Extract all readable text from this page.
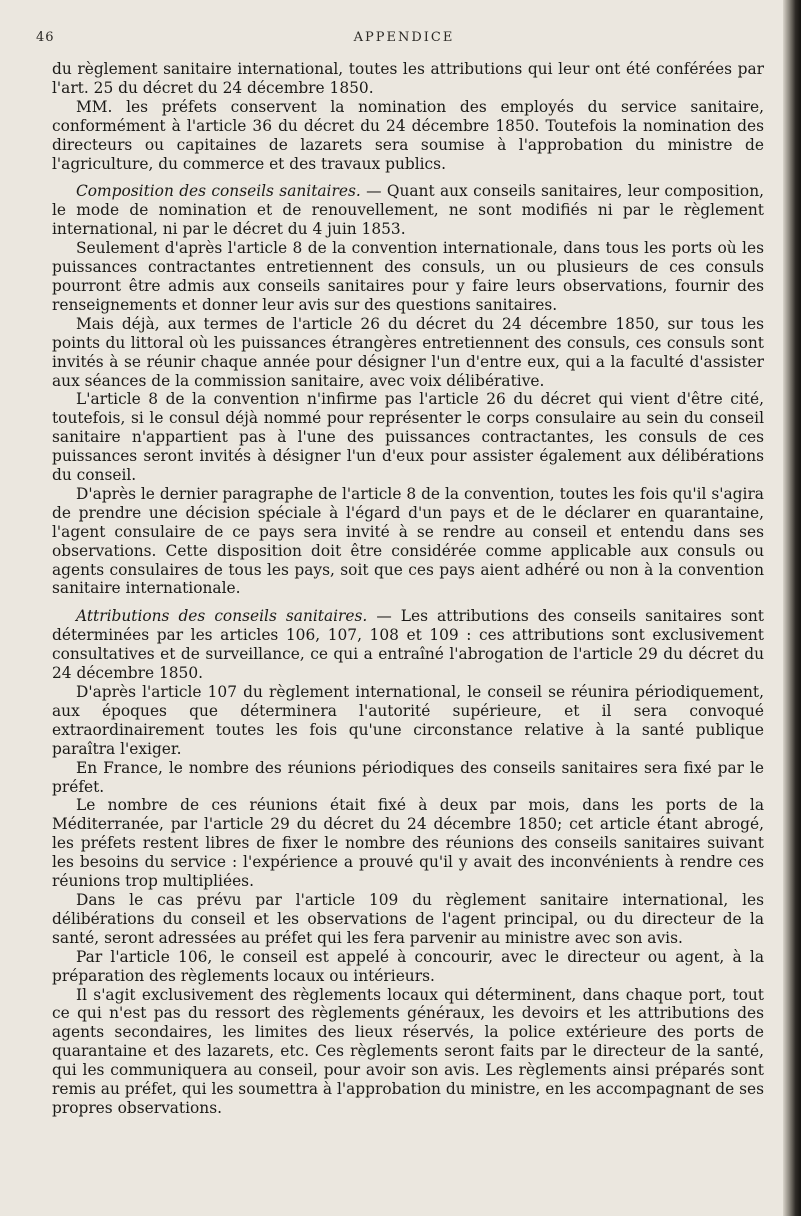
46	APPENDICE

du règlement sanitaire international, toutes les attributions qui leur ont été conférées par l'art. 25 du décret du 24 décembre 1850.

MM. les préfets conservent la nomination des employés du service sanitaire, conformément à l'article 36 du décret du 24 décembre 1850. Toutefois la nomination des directeurs ou capitaines de lazarets sera soumise à l'approbation du ministre de l'agriculture, du commerce et des travaux publics.

Composition des conseils sanitaires. — Quant aux conseils sanitaires, leur composition, le mode de nomination et de renouvellement, ne sont modifiés ni par le règlement international, ni par le décret du 4 juin 1853.

Seulement d'après l'article 8 de la convention internationale, dans tous les ports où les puissances contractantes entretiennent des consuls, un ou plusieurs de ces consuls pourront être admis aux conseils sanitaires pour y faire leurs observations, fournir des renseignements et donner leur avis sur des questions sanitaires.

Mais déjà, aux termes de l'article 26 du décret du 24 décembre 1850, sur tous les points du littoral où les puissances étrangères entretiennent des consuls, ces consuls sont invités à se réunir chaque année pour désigner l'un d'entre eux, qui a la faculté d'assister aux séances de la commission sanitaire, avec voix délibérative.

L'article 8 de la convention n'infirme pas l'article 26 du décret qui vient d'être cité, toutefois, si le consul déjà nommé pour représenter le corps consulaire au sein du conseil sanitaire n'appartient pas à l'une des puissances contractantes, les consuls de ces puissances seront invités à désigner l'un d'eux pour assister également aux délibérations du conseil.

D'après le dernier paragraphe de l'article 8 de la convention, toutes les fois qu'il s'agira de prendre une décision spéciale à l'égard d'un pays et de le déclarer en quarantaine, l'agent consulaire de ce pays sera invité à se rendre au conseil et entendu dans ses observations. Cette disposition doit être considérée comme applicable aux consuls ou agents consulaires de tous les pays, soit que ces pays aient adhéré ou non à la convention sanitaire internationale.

Attributions des conseils sanitaires. — Les attributions des conseils sanitaires sont déterminées par les articles 106, 107, 108 et 109 : ces attributions sont exclusivement consultatives et de surveillance, ce qui a entraîné l'abrogation de l'article 29 du décret du 24 décembre 1850.

D'après l'article 107 du règlement international, le conseil se réunira périodiquement, aux époques que déterminera l'autorité supérieure, et il sera convoqué extraordinairement toutes les fois qu'une circonstance relative à la santé publique paraîtra l'exiger.

En France, le nombre des réunions périodiques des conseils sanitaires sera fixé par le préfet.

Le nombre de ces réunions était fixé à deux par mois, dans les ports de la Méditerranée, par l'article 29 du décret du 24 décembre 1850; cet article étant abrogé, les préfets restent libres de fixer le nombre des réunions des conseils sanitaires suivant les besoins du service : l'expérience a prouvé qu'il y avait des inconvénients à rendre ces réunions trop multipliées.

Dans le cas prévu par l'article 109 du règlement sanitaire international, les délibérations du conseil et les observations de l'agent principal, ou du directeur de la santé, seront adressées au préfet qui les fera parvenir au ministre avec son avis.

Par l'article 106, le conseil est appelé à concourir, avec le directeur ou agent, à la préparation des règlements locaux ou intérieurs.

Il s'agit exclusivement des règlements locaux qui déterminent, dans chaque port, tout ce qui n'est pas du ressort des règlements généraux, les devoirs et les attributions des agents secondaires, les limites des lieux réservés, la police extérieure des ports de quarantaine et des lazarets, etc. Ces règlements seront faits par le directeur de la santé, qui les communiquera au conseil, pour avoir son avis. Les règlements ainsi préparés sont remis au préfet, qui les soumettra à l'approbation du ministre, en les accompagnant de ses propres observations.
